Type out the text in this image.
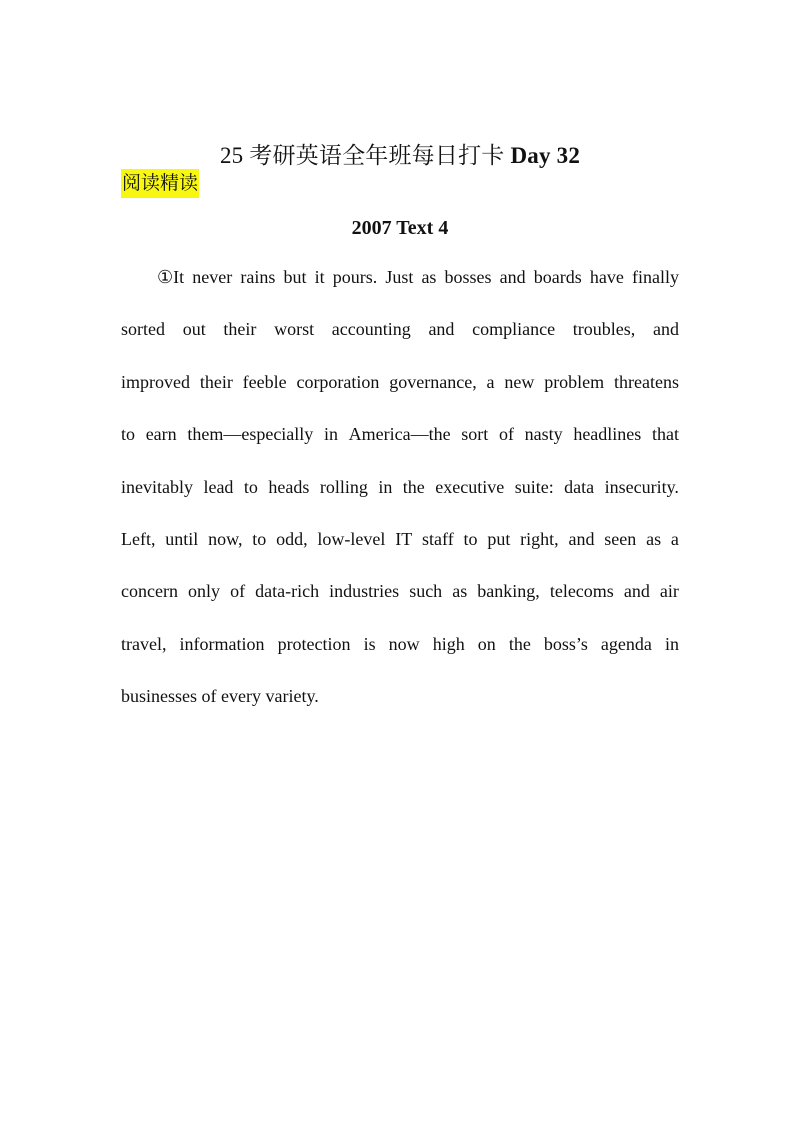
25 考研英语全年班每日打卡 Day 32
阅读精读
2007 Text 4
①It never rains but it pours. Just as bosses and boards have finally
sorted out their worst accounting and compliance troubles, and
improved their feeble corporation governance, a new problem threatens
to earn them—especially in America—the sort of nasty headlines that
inevitably lead to heads rolling in the executive suite: data insecurity.
Left, until now, to odd, low-level IT staff to put right, and seen as a
concern only of data-rich industries such as banking, telecoms and air
travel, information protection is now high on the boss’s agenda in
businesses of every variety.
